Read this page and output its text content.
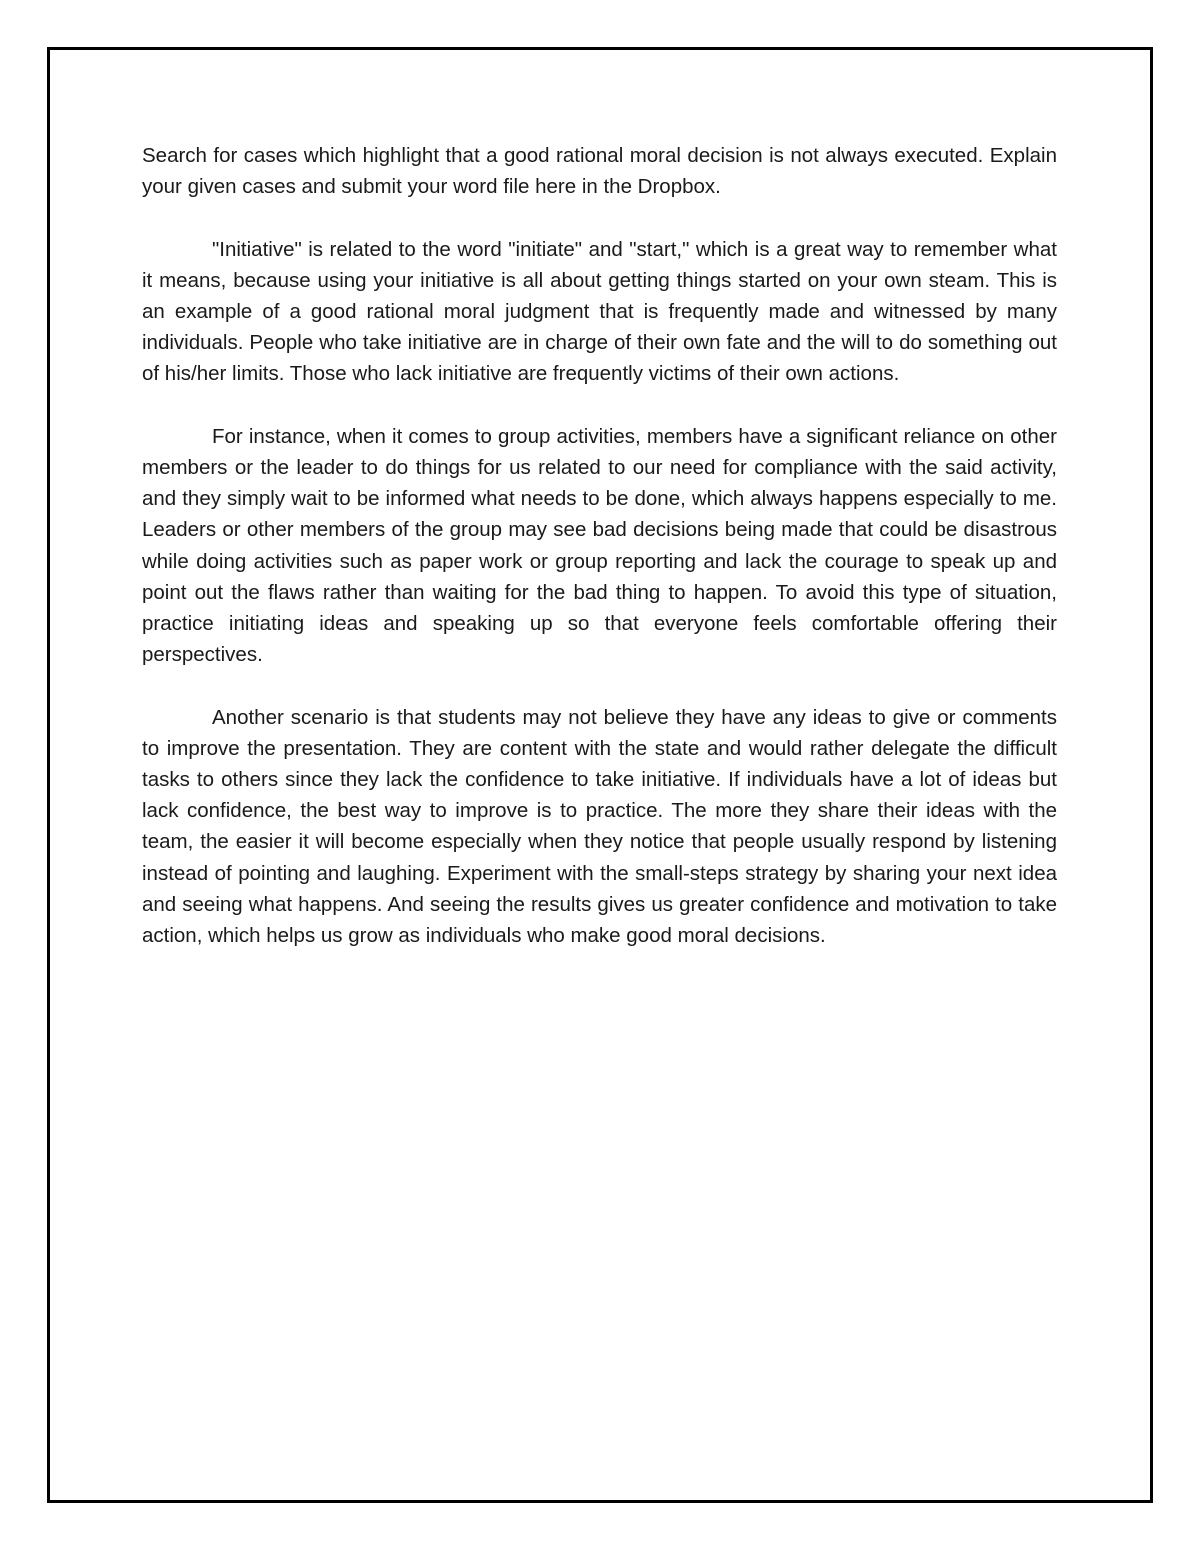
Search for cases which highlight that a good rational moral decision is not always executed. Explain your given cases and submit your word file here in the Dropbox.

"Initiative" is related to the word "initiate" and "start," which is a great way to remember what it means, because using your initiative is all about getting things started on your own steam. This is an example of a good rational moral judgment that is frequently made and witnessed by many individuals. People who take initiative are in charge of their own fate and the will to do something out of his/her limits. Those who lack initiative are frequently victims of their own actions.

For instance, when it comes to group activities, members have a significant reliance on other members or the leader to do things for us related to our need for compliance with the said activity, and they simply wait to be informed what needs to be done, which always happens especially to me. Leaders or other members of the group may see bad decisions being made that could be disastrous while doing activities such as paper work or group reporting and lack the courage to speak up and point out the flaws rather than waiting for the bad thing to happen. To avoid this type of situation, practice initiating ideas and speaking up so that everyone feels comfortable offering their perspectives.

Another scenario is that students may not believe they have any ideas to give or comments to improve the presentation. They are content with the state and would rather delegate the difficult tasks to others since they lack the confidence to take initiative. If individuals have a lot of ideas but lack confidence, the best way to improve is to practice. The more they share their ideas with the team, the easier it will become especially when they notice that people usually respond by listening instead of pointing and laughing. Experiment with the small-steps strategy by sharing your next idea and seeing what happens. And seeing the results gives us greater confidence and motivation to take action, which helps us grow as individuals who make good moral decisions.
